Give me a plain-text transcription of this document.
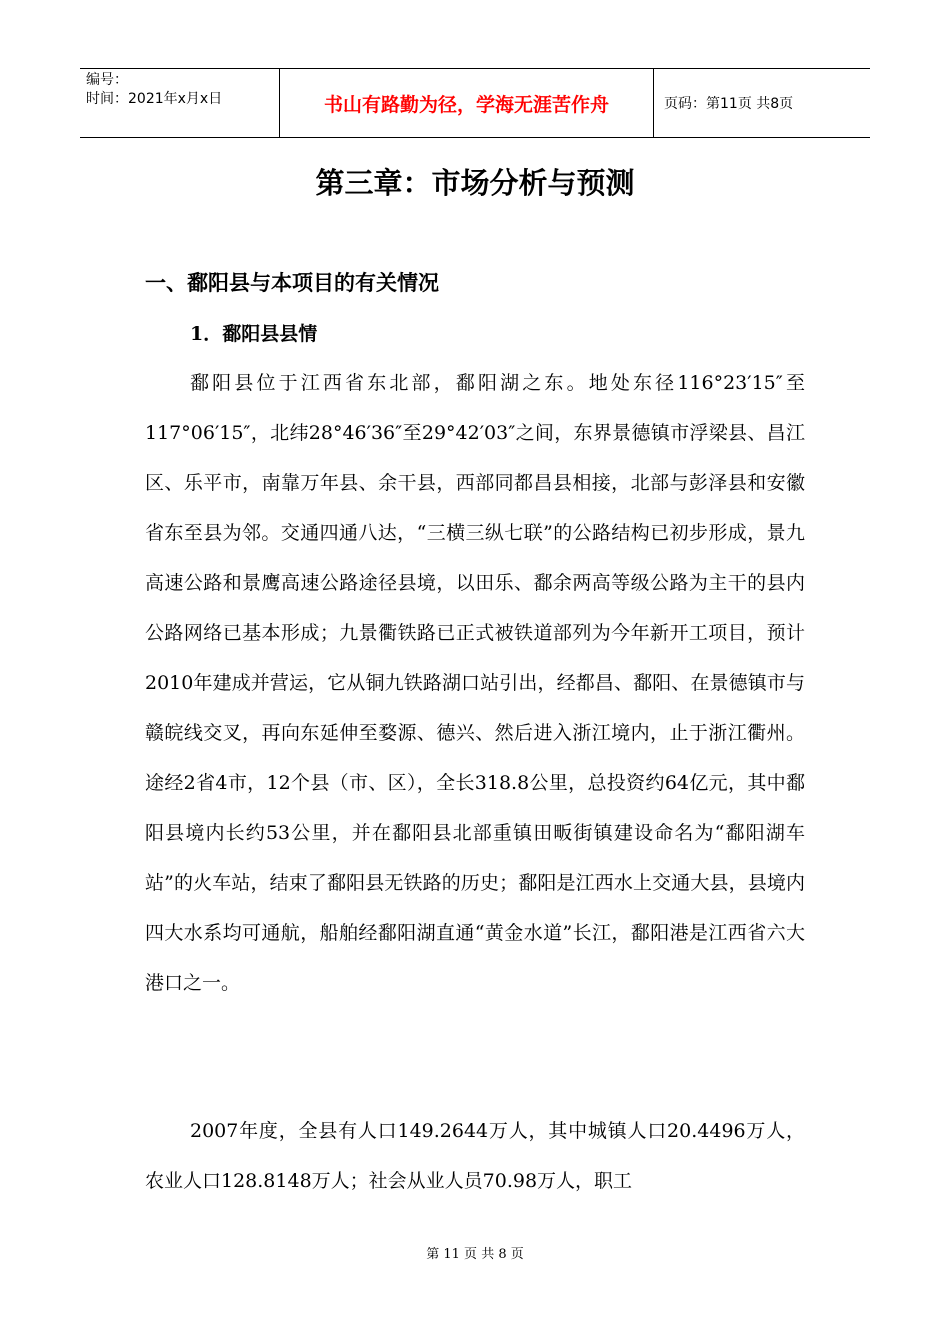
编号：
时间：2021年x月x日	书山有路勤为径，学海无涯苦作舟	页码：第11页 共8页
第三章：市场分析与预测
一、鄱阳县与本项目的有关情况
1．鄱阳县县情

鄱阳县位于江西省东北部，鄱阳湖之东。地处东径116°23′15″至117°06′15″，北纬28°46′36″至29°42′03″之间，东界景德镇市浮梁县、昌江区、乐平市，南靠万年县、余干县，西部同都昌县相接，北部与彭泽县和安徽省东至县为邻。交通四通八达，“三横三纵七联”的公路结构已初步形成，景九高速公路和景鹰高速公路途径县境，以田乐、鄱余两高等级公路为主干的县内公路网络已基本形成；九景衢铁路已正式被铁道部列为今年新开工项目，预计2010年建成并营运，它从铜九铁路湖口站引出，经都昌、鄱阳、在景德镇市与赣皖线交叉，再向东延伸至婺源、德兴、然后进入浙江境内，止于浙江衢州。途经2省4市，12个县（市、区），全长318.8公里，总投资约64亿元，其中鄱阳县境内长约53公里，并在鄱阳县北部重镇田畈街镇建设命名为“鄱阳湖车站”的火车站，结束了鄱阳县无铁路的历史；鄱阳是江西水上交通大县，县境内四大水系均可通航，船舶经鄱阳湖直通“黄金水道”长江，鄱阳港是江西省六大港口之一。

2007年度，全县有人口149.2644万人，其中城镇人口20.4496万人，农业人口128.8148万人；社会从业人员70.98万人，职工

第 11 页 共 8 页
